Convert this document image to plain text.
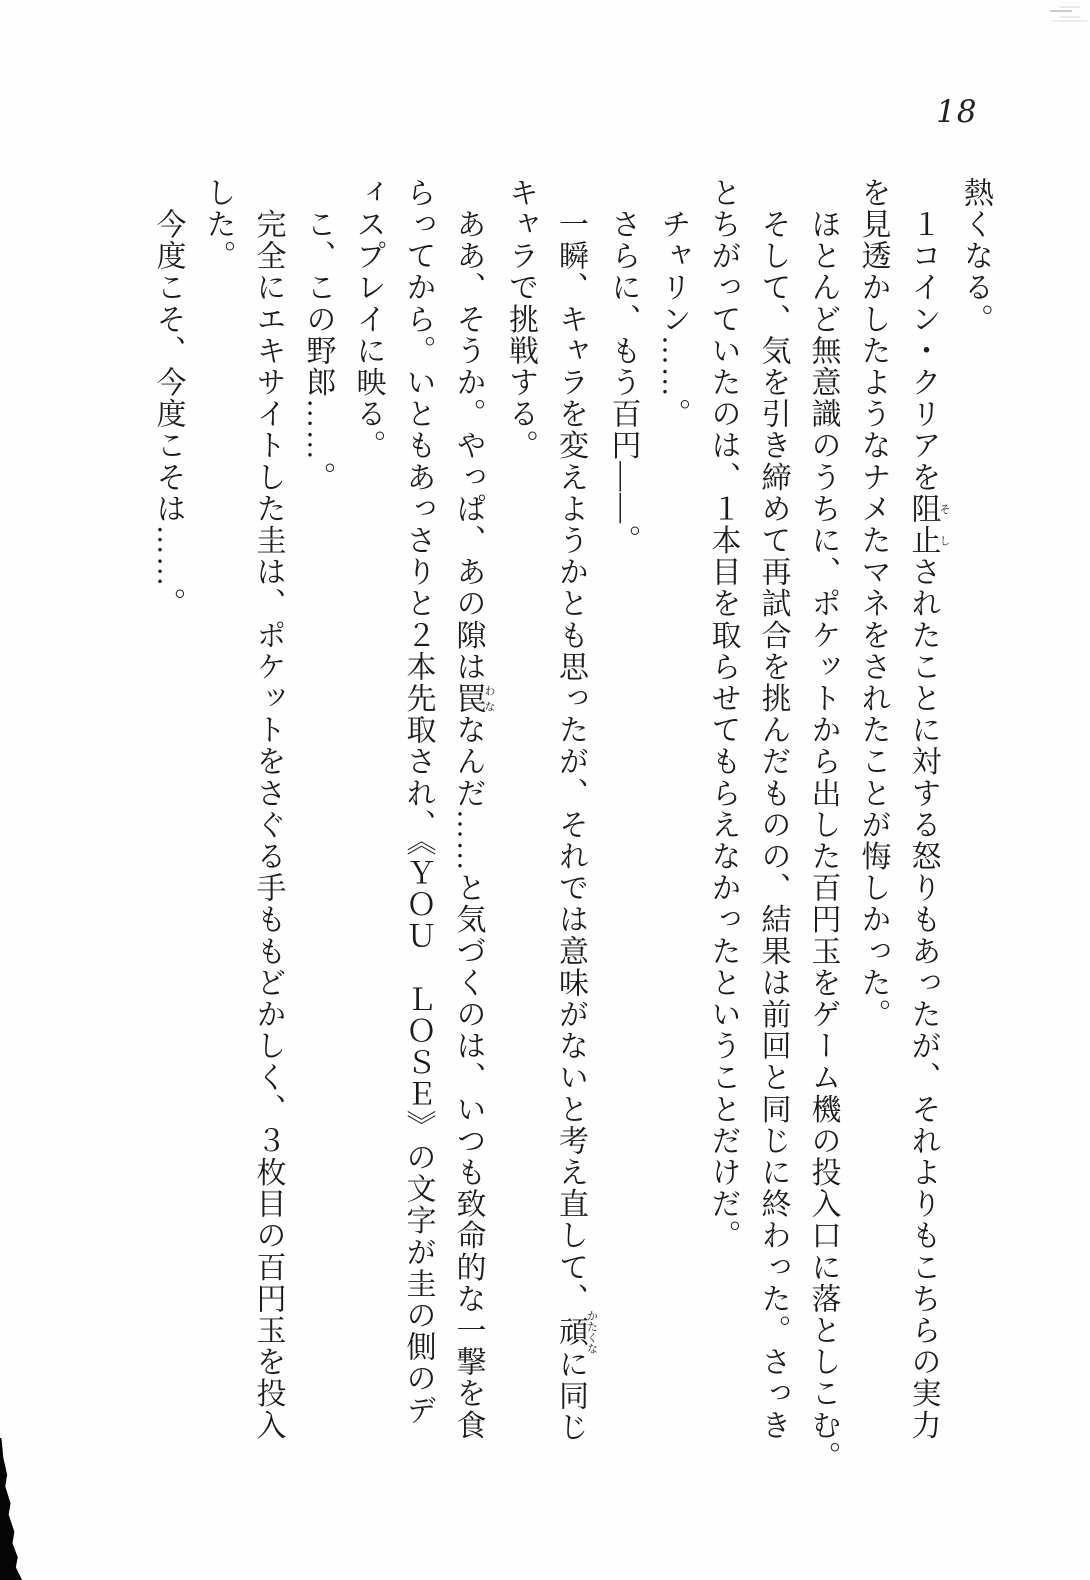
18
熱くなる。
　１コイン・クリアを阻止そしされたことに対する怒りもあったが、それよりもこちらの実力
を見透かしたようなナメたマネをされたことが悔しかった。
　ほとんど無意識のうちに、ポケットから出した百円玉をゲーム機の投入口に落としこむ。
　そして、気を引き締めて再試合を挑んだものの、結果は前回と同じに終わった。さっき
とちがっていたのは、１本目を取らせてもらえなかったということだけだ。
　チャリン……。
　さらに、もう百円――。
　一瞬、キャラを変えようかとも思ったが、それでは意味がないと考え直して、頑かたくなに同じ
キャラで挑戦する。
　ああ、そうか。やっぱ、あの隙は罠わななんだ……と気づくのは、いつも致命的な一撃を食
らってから。いともあっさりと２本先取され、《ＹＯＵ　ＬＯＳＥ》の文字が圭の側のデ
ィスプレイに映る。
　こ、この野郎……。
　完全にエキサイトした圭は、ポケットをさぐる手ももどかしく、３枚目の百円玉を投入
した。
　今度こそ、今度こそは……。
